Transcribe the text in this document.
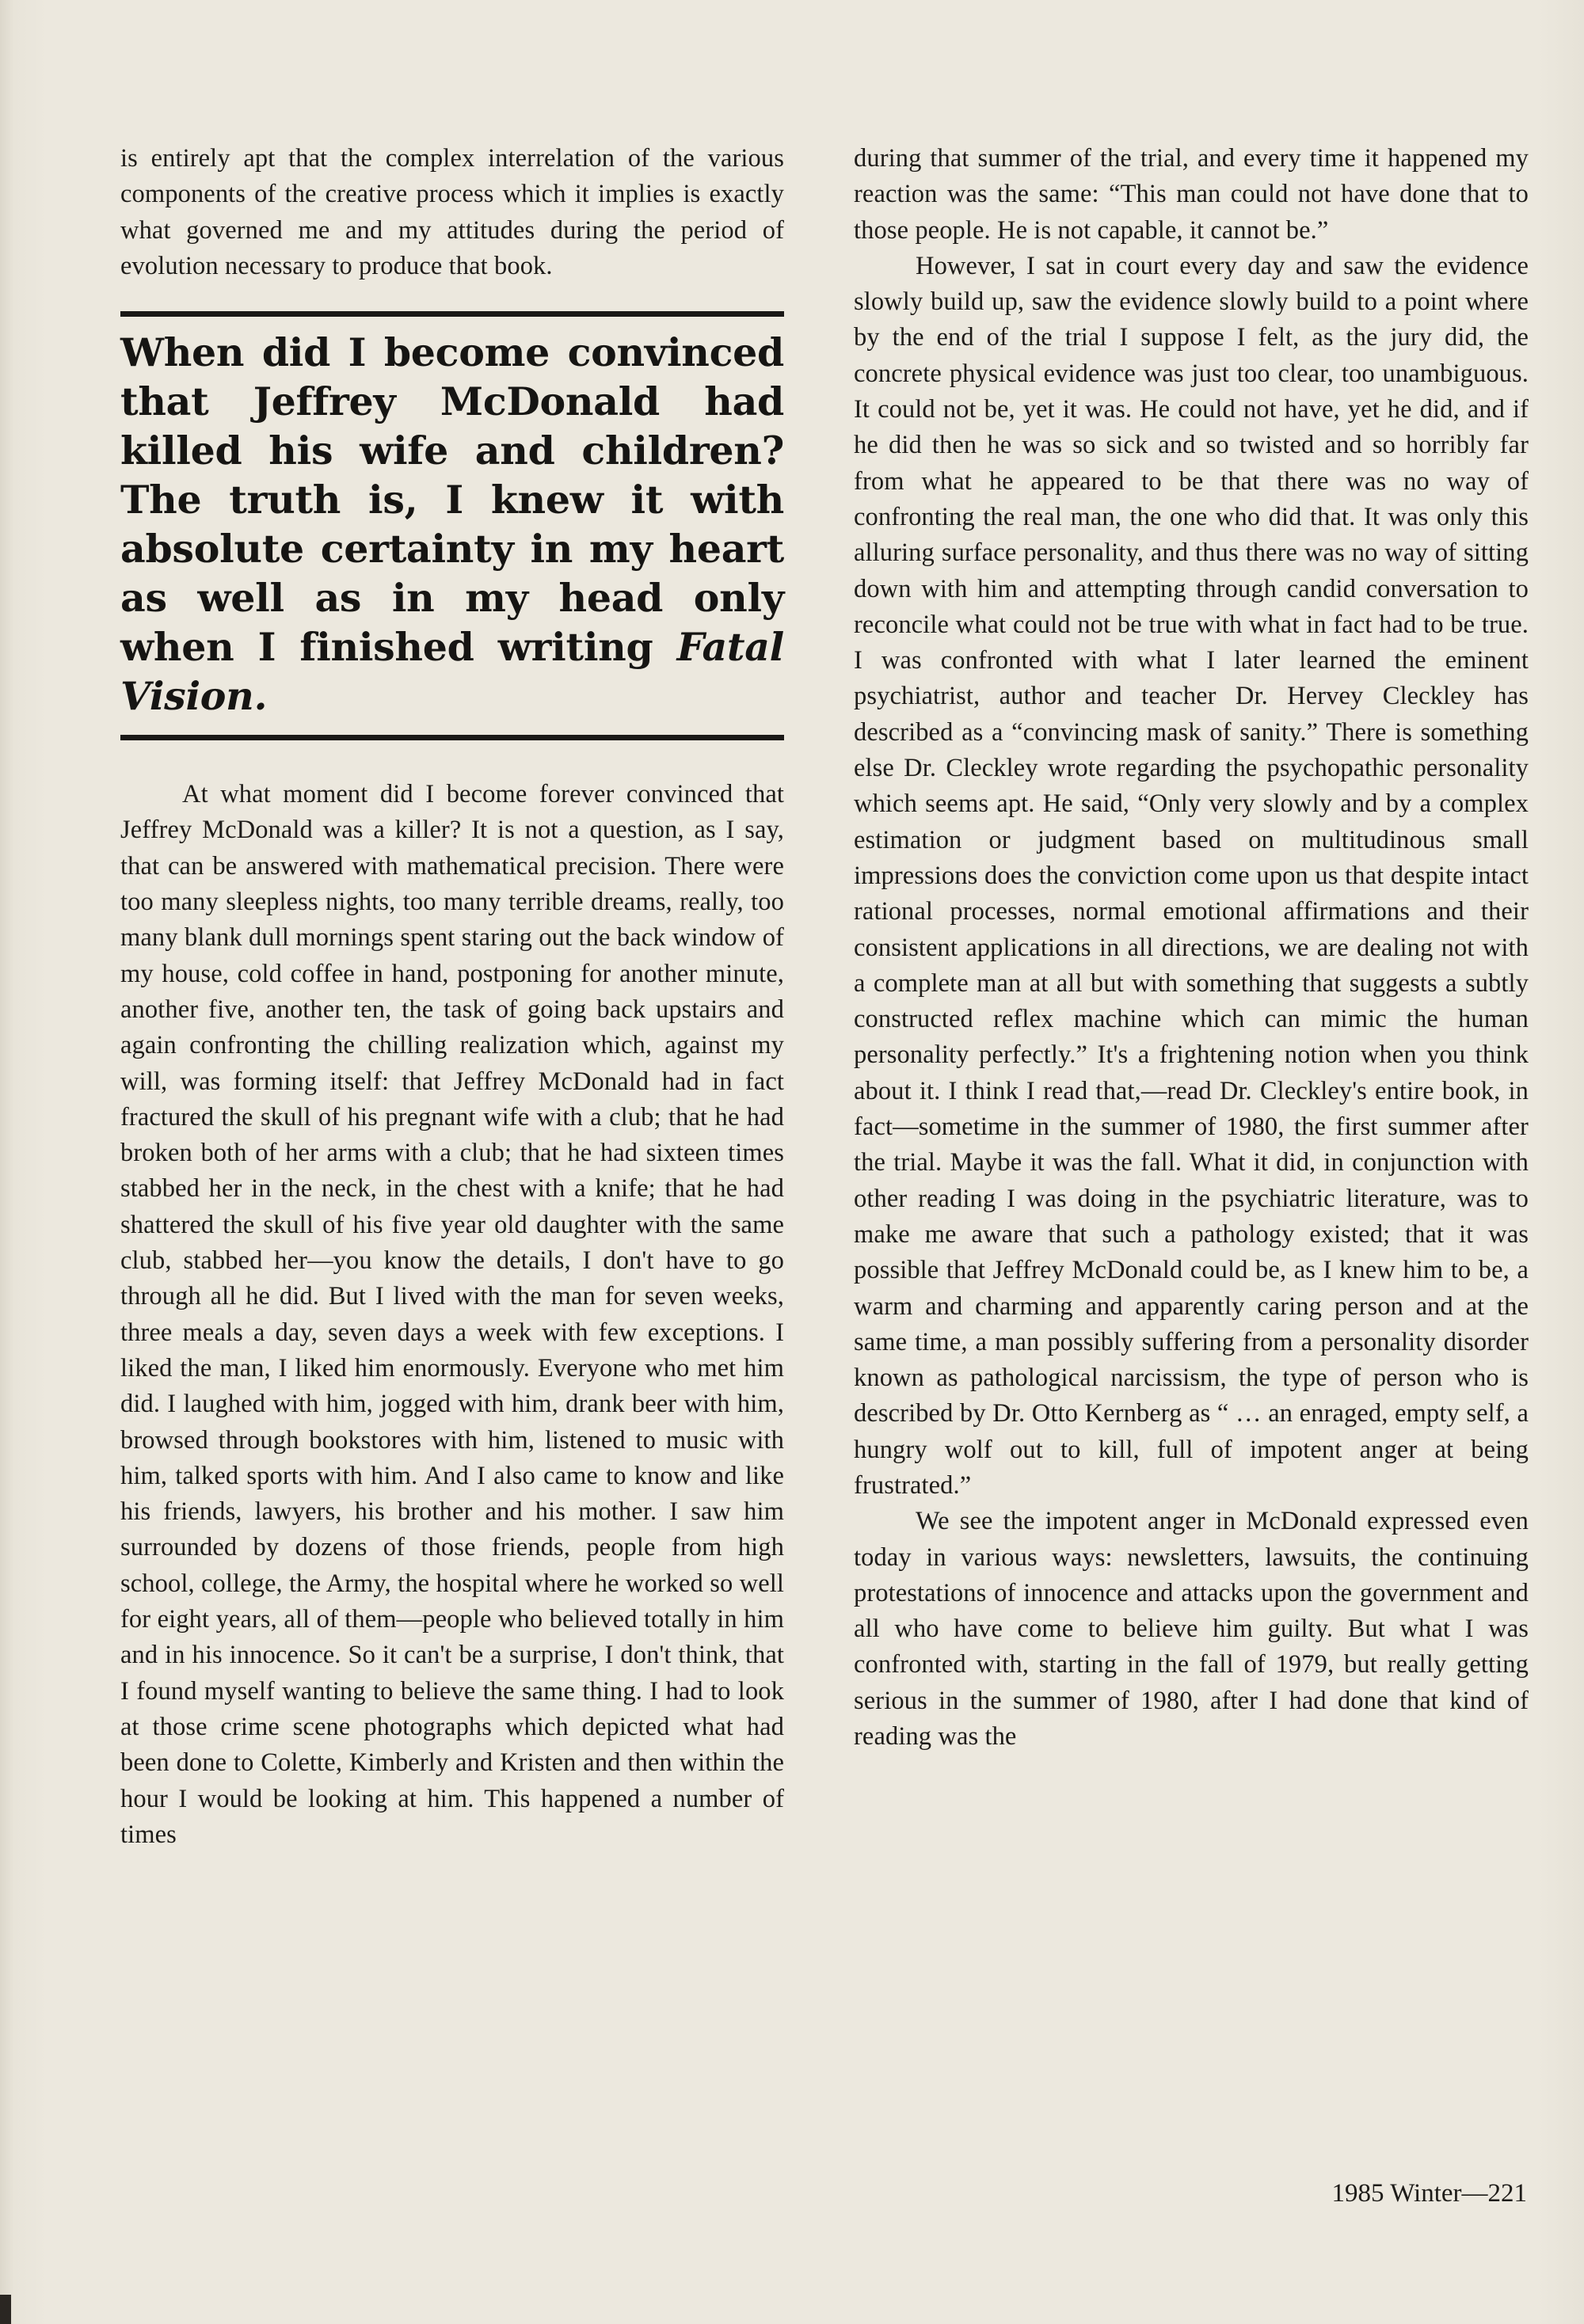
is entirely apt that the complex interrelation of the various components of the creative process which it implies is exactly what governed me and my attitudes during the period of evolution necessary to produce that book.

When did I become convinced that Jeffrey McDonald had killed his wife and children? The truth is, I knew it with absolute certainty in my heart as well as in my head only when I finished writing Fatal Vision.

At what moment did I become forever convinced that Jeffrey McDonald was a killer? It is not a question, as I say, that can be answered with mathematical precision. There were too many sleepless nights, too many terrible dreams, really, too many blank dull mornings spent staring out the back window of my house, cold coffee in hand, postponing for another minute, another five, another ten, the task of going back upstairs and again confronting the chilling realization which, against my will, was forming itself: that Jeffrey McDonald had in fact fractured the skull of his pregnant wife with a club; that he had broken both of her arms with a club; that he had sixteen times stabbed her in the neck, in the chest with a knife; that he had shattered the skull of his five year old daughter with the same club, stabbed her—you know the details, I don't have to go through all he did. But I lived with the man for seven weeks, three meals a day, seven days a week with few exceptions. I liked the man, I liked him enormously. Everyone who met him did. I laughed with him, jogged with him, drank beer with him, browsed through bookstores with him, listened to music with him, talked sports with him. And I also came to know and like his friends, lawyers, his brother and his mother. I saw him surrounded by dozens of those friends, people from high school, college, the Army, the hospital where he worked so well for eight years, all of them—people who believed totally in him and in his innocence. So it can't be a surprise, I don't think, that I found myself wanting to believe the same thing. I had to look at those crime scene photographs which depicted what had been done to Colette, Kimberly and Kristen and then within the hour I would be looking at him. This happened a number of times

during that summer of the trial, and every time it happened my reaction was the same: “This man could not have done that to those people. He is not capable, it cannot be.”

However, I sat in court every day and saw the evidence slowly build up, saw the evidence slowly build to a point where by the end of the trial I suppose I felt, as the jury did, the concrete physical evidence was just too clear, too unambiguous. It could not be, yet it was. He could not have, yet he did, and if he did then he was so sick and so twisted and so horribly far from what he appeared to be that there was no way of confronting the real man, the one who did that. It was only this alluring surface personality, and thus there was no way of sitting down with him and attempting through candid conversation to reconcile what could not be true with what in fact had to be true. I was confronted with what I later learned the eminent psychiatrist, author and teacher Dr. Hervey Cleckley has described as a “convincing mask of sanity.” There is something else Dr. Cleckley wrote regarding the psychopathic personality which seems apt. He said, “Only very slowly and by a complex estimation or judgment based on multitudinous small impressions does the conviction come upon us that despite intact rational processes, normal emotional affirmations and their consistent applications in all directions, we are dealing not with a complete man at all but with something that suggests a subtly constructed reflex machine which can mimic the human personality perfectly.” It's a frightening notion when you think about it. I think I read that,—read Dr. Cleckley's entire book, in fact—sometime in the summer of 1980, the first summer after the trial. Maybe it was the fall. What it did, in conjunction with other reading I was doing in the psychiatric literature, was to make me aware that such a pathology existed; that it was possible that Jeffrey McDonald could be, as I knew him to be, a warm and charming and apparently caring person and at the same time, a man possibly suffering from a personality disorder known as pathological narcissism, the type of person who is described by Dr. Otto Kernberg as “ … an enraged, empty self, a hungry wolf out to kill, full of impotent anger at being frustrated.”

We see the impotent anger in McDonald expressed even today in various ways: newsletters, lawsuits, the continuing protestations of innocence and attacks upon the government and all who have come to believe him guilty. But what I was confronted with, starting in the fall of 1979, but really getting serious in the summer of 1980, after I had done that kind of reading was the

1985 Winter—221
